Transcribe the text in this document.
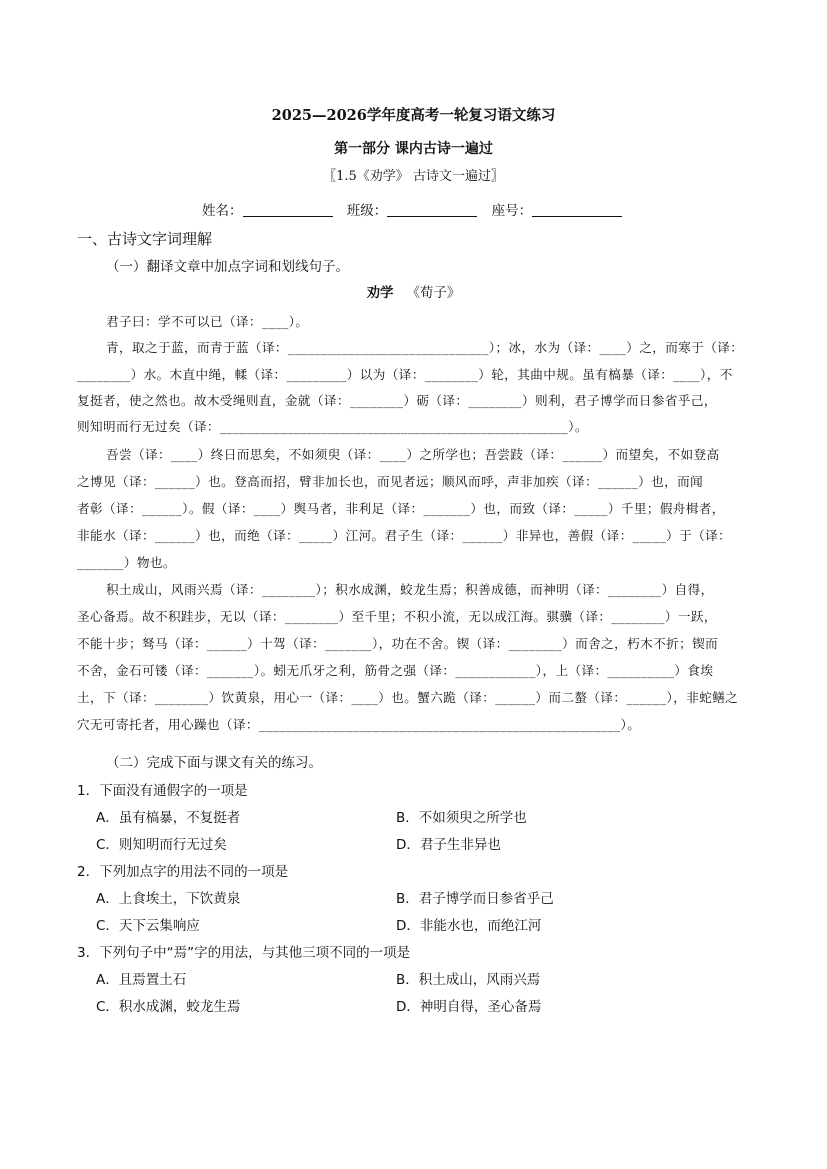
2025—2026学年度高考一轮复习语文练习

第一部分 课内古诗一遍过

〖1.5《劝学》 古诗文一遍过〗

姓名：	班级：	座号：

一、古诗文字词理解

（一）翻译文章中加点字词和划线句子。

劝学 《荀子》

君子曰：学不可以已（译：____）。

青，取之于蓝，而青于蓝（译：______________________________）；冰，水为（译：____）之，而寒于（译：

________）水。木直中绳，輮（译：_________）以为（译：________）轮，其曲中规。虽有槁暴（译：____），不

复挺者，使之然也。故木受绳则直，金就（译：________）砺（译：________）则利，君子博学而日参省乎己，

则知明而行无过矣（译：____________________________________________________）。

吾尝（译：____）终日而思矣，不如须臾（译：____）之所学也；吾尝跂（译：______）而望矣，不如登高

之博见（译：______）也。登高而招，臂非加长也，而见者远；顺风而呼，声非加疾（译：______）也，而闻

者彰（译：______）。假（译：____）舆马者，非利足（译：_______）也，而致（译：_____）千里；假舟楫者，

非能水（译：______）也，而绝（译：_____）江河。君子生（译：______）非异也，善假（译：_____）于（译：

_______）物也。

积土成山，风雨兴焉（译：________）；积水成渊，蛟龙生焉；积善成德，而神明（译：________）自得，

圣心备焉。故不积跬步，无以（译：________）至千里；不积小流，无以成江海。骐骥（译：________）一跃，

不能十步；驽马（译：______）十驾（译：_______），功在不舍。锲（译：________）而舍之，朽木不折；锲而

不舍，金石可镂（译：_______）。蚓无爪牙之利，筋骨之强（译：____________），上（译：__________）食埃

土，下（译：________）饮黄泉，用心一（译：____）也。蟹六跪（译：______）而二螯（译：______），非蛇鳝之

穴无可寄托者，用心躁也（译：______________________________________________________）。

（二）完成下面与课文有关的练习。

1．下面没有通假字的一项是

A．虽有槁暴，不复挺者	B．不如须臾之所学也

C．则知明而行无过矣	D．君子生非异也

2．下列加点字的用法不同的一项是

A．上食埃土，下饮黄泉	B．君子博学而日参省乎己

C．天下云集响应	D．非能水也，而绝江河

3．下列句子中“焉”字的用法，与其他三项不同的一项是

A．且焉置土石	B．积土成山，风雨兴焉

C．积水成渊，蛟龙生焉	D．神明自得，圣心备焉
